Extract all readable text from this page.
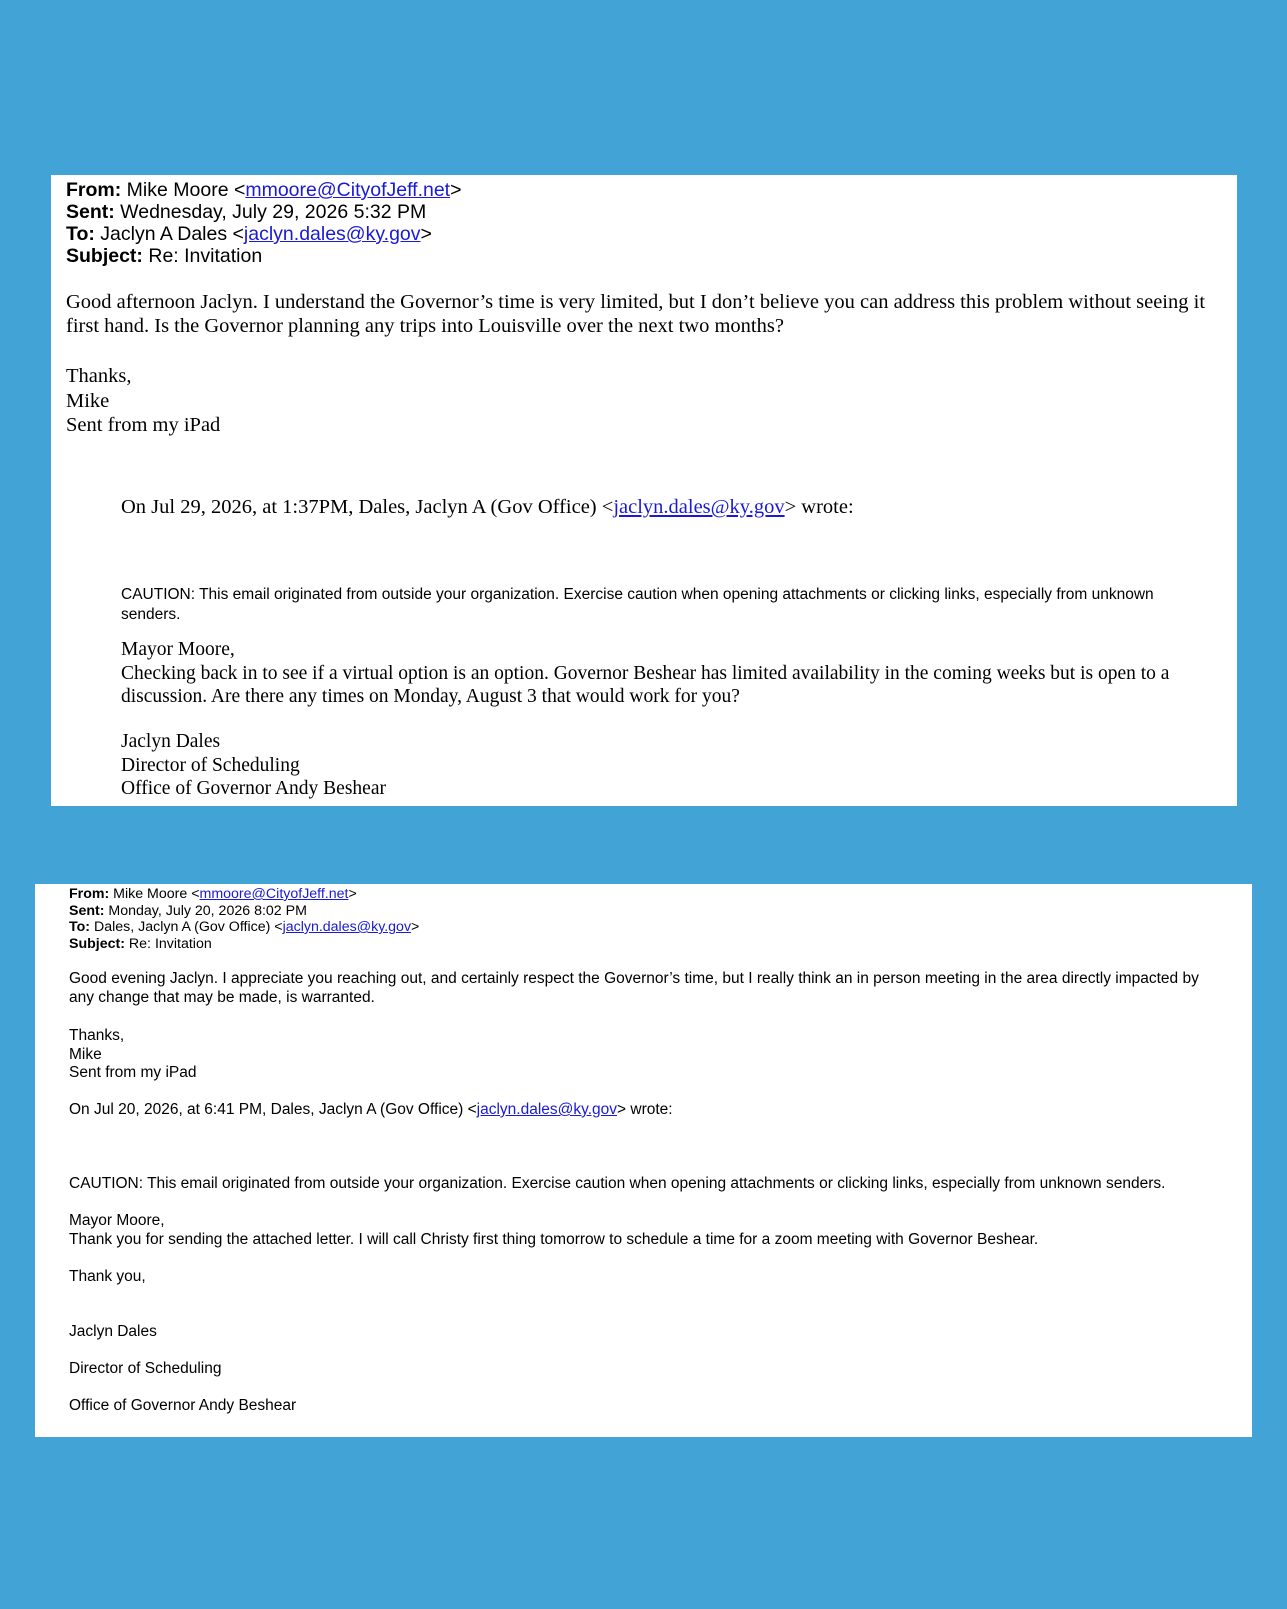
From: Mike Moore <mmoore@CityofJeff.net>
Sent: Wednesday, July 29, 2026 5:32 PM
To: Jaclyn A Dales <jaclyn.dales@ky.gov>
Subject: Re: Invitation
Good afternoon Jaclyn. I understand the Governor’s time is very limited, but I don’t believe you can address this problem without seeing it first hand. Is the Governor planning any trips into Louisville over the next two months?
Thanks,
Mike
Sent from my iPad
On Jul 29, 2026, at 1:37PM, Dales, Jaclyn A (Gov Office) <jaclyn.dales@ky.gov> wrote:
CAUTION: This email originated from outside your organization. Exercise caution when opening attachments or clicking links, especially from unknown senders.
Mayor Moore,
Checking back in to see if a virtual option is an option. Governor Beshear has limited availability in the coming weeks but is open to a discussion. Are there any times on Monday, August 3 that would work for you?
Jaclyn Dales
Director of Scheduling
Office of Governor Andy Beshear
From: Mike Moore <mmoore@CityofJeff.net>
Sent: Monday, July 20, 2026 8:02 PM
To: Dales, Jaclyn A (Gov Office) <jaclyn.dales@ky.gov>
Subject: Re: Invitation
Good evening Jaclyn. I appreciate you reaching out, and certainly respect the Governor’s time, but I really think an in person meeting in the area directly impacted by any change that may be made, is warranted.
Thanks,
Mike
Sent from my iPad
On Jul 20, 2026, at 6:41 PM, Dales, Jaclyn A (Gov Office) <jaclyn.dales@ky.gov> wrote:
CAUTION: This email originated from outside your organization. Exercise caution when opening attachments or clicking links, especially from unknown senders.
Mayor Moore,
Thank you for sending the attached letter. I will call Christy first thing tomorrow to schedule a time for a zoom meeting with Governor Beshear.
Thank you,
Jaclyn Dales
Director of Scheduling
Office of Governor Andy Beshear
